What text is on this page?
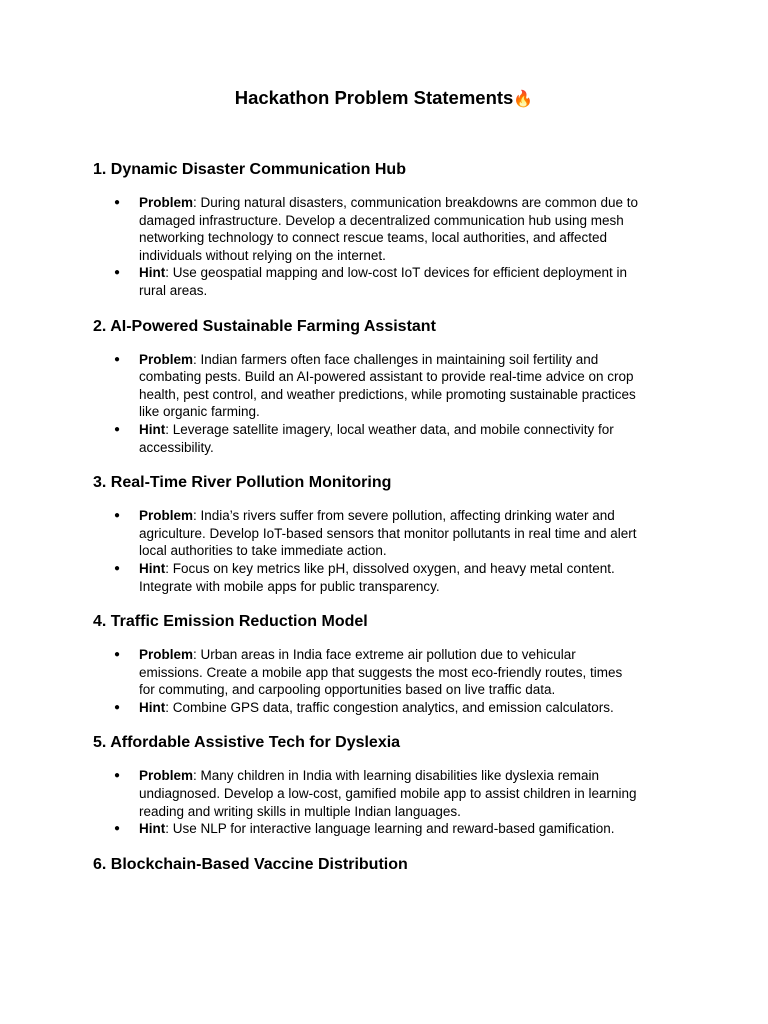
Hackathon Problem Statements🔥
1. Dynamic Disaster Communication Hub
● Problem: During natural disasters, communication breakdowns are common due to damaged infrastructure. Develop a decentralized communication hub using mesh networking technology to connect rescue teams, local authorities, and affected individuals without relying on the internet.
● Hint: Use geospatial mapping and low-cost IoT devices for efficient deployment in rural areas.
2. AI-Powered Sustainable Farming Assistant
● Problem: Indian farmers often face challenges in maintaining soil fertility and combating pests. Build an AI-powered assistant to provide real-time advice on crop health, pest control, and weather predictions, while promoting sustainable practices like organic farming.
● Hint: Leverage satellite imagery, local weather data, and mobile connectivity for accessibility.
3. Real-Time River Pollution Monitoring
● Problem: India’s rivers suffer from severe pollution, affecting drinking water and agriculture. Develop IoT-based sensors that monitor pollutants in real time and alert local authorities to take immediate action.
● Hint: Focus on key metrics like pH, dissolved oxygen, and heavy metal content. Integrate with mobile apps for public transparency.
4. Traffic Emission Reduction Model
● Problem: Urban areas in India face extreme air pollution due to vehicular emissions. Create a mobile app that suggests the most eco-friendly routes, times for commuting, and carpooling opportunities based on live traffic data.
● Hint: Combine GPS data, traffic congestion analytics, and emission calculators.
5. Affordable Assistive Tech for Dyslexia
● Problem: Many children in India with learning disabilities like dyslexia remain undiagnosed. Develop a low-cost, gamified mobile app to assist children in learning reading and writing skills in multiple Indian languages.
● Hint: Use NLP for interactive language learning and reward-based gamification.
6. Blockchain-Based Vaccine Distribution
